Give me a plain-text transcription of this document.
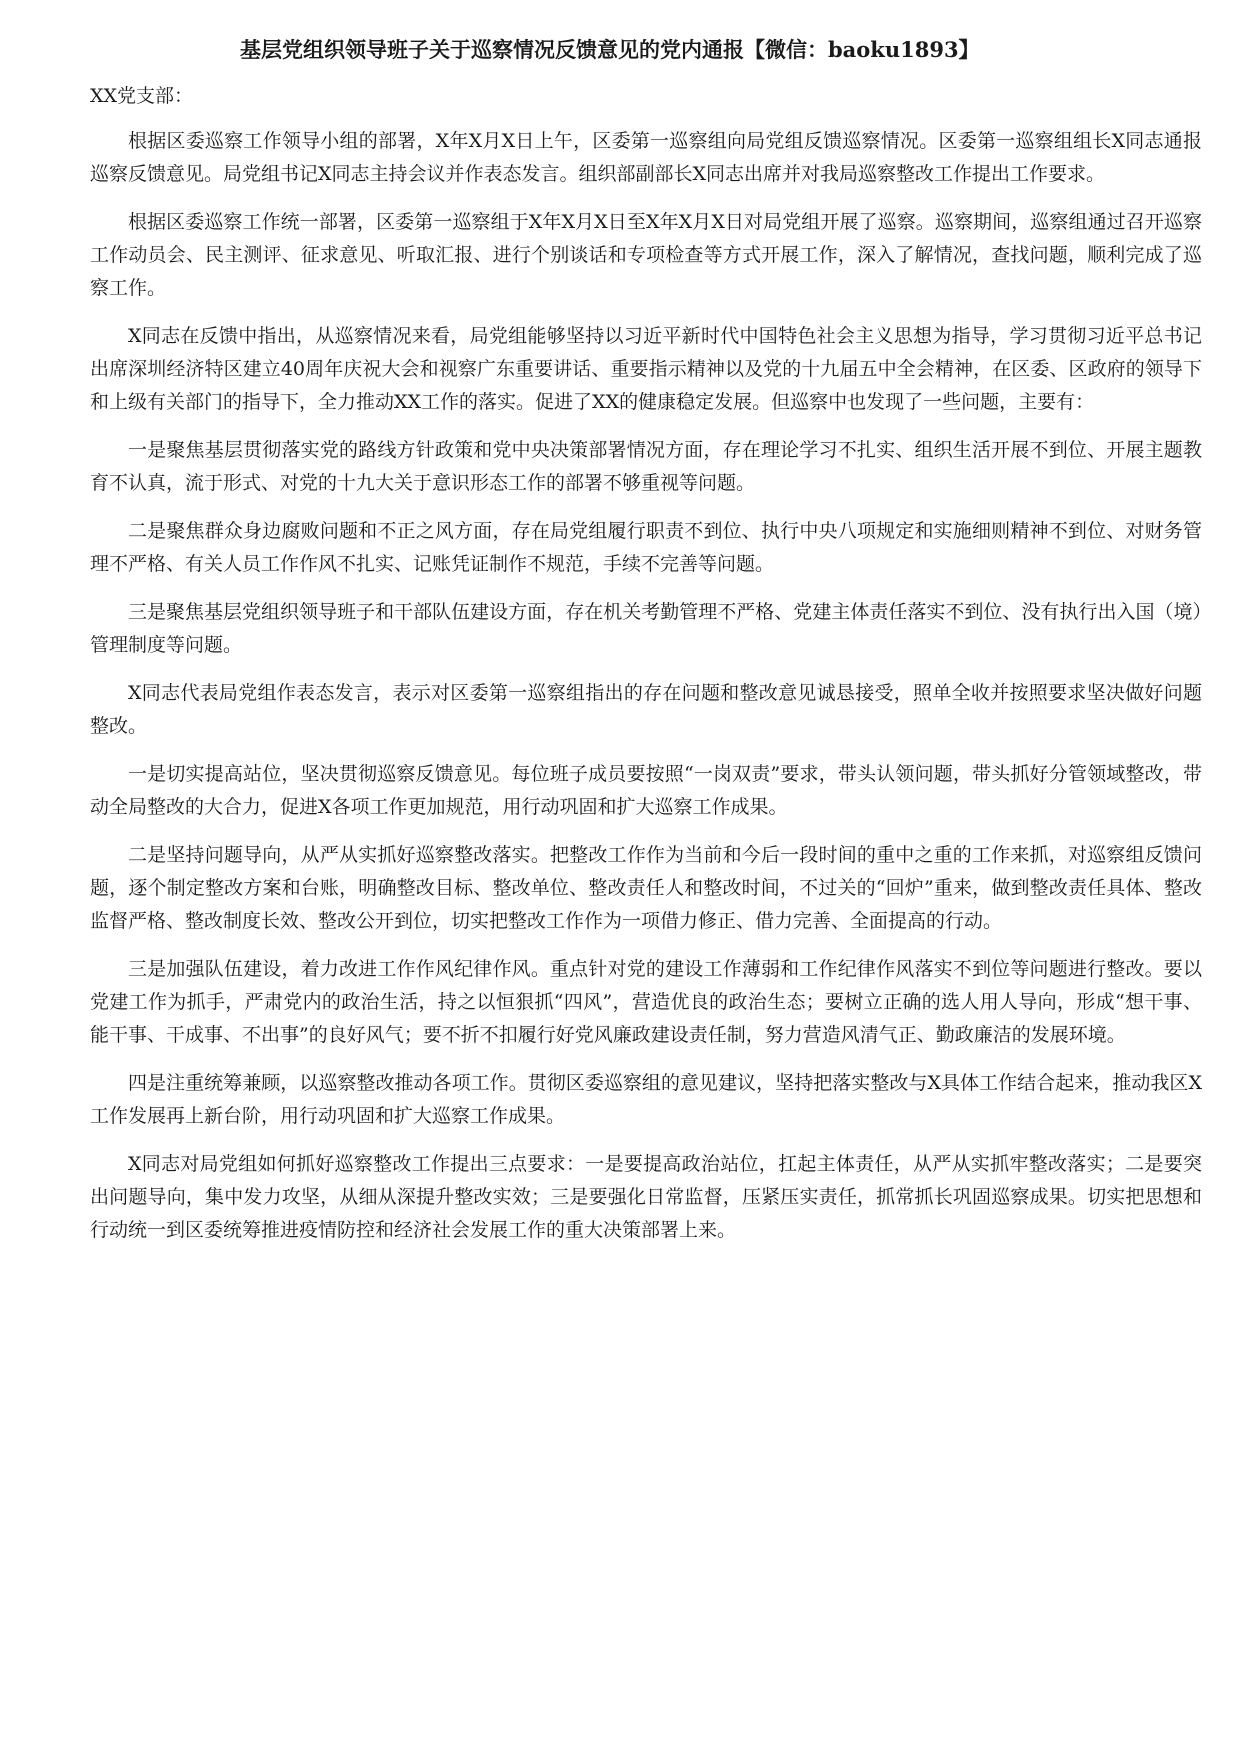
基层党组织领导班子关于巡察情况反馈意见的党内通报【微信：baoku1893】

XX党支部：

根据区委巡察工作领导小组的部署，X年X月X日上午，区委第一巡察组向局党组反馈巡察情况。区委第一巡察组组长X同志通报巡察反馈意见。局党组书记X同志主持会议并作表态发言。组织部副部长X同志出席并对我局巡察整改工作提出工作要求。

根据区委巡察工作统一部署，区委第一巡察组于X年X月X日至X年X月X日对局党组开展了巡察。巡察期间，巡察组通过召开巡察工作动员会、民主测评、征求意见、听取汇报、进行个别谈话和专项检查等方式开展工作，深入了解情况，查找问题，顺利完成了巡察工作。

X同志在反馈中指出，从巡察情况来看，局党组能够坚持以习近平新时代中国特色社会主义思想为指导，学习贯彻习近平总书记出席深圳经济特区建立40周年庆祝大会和视察广东重要讲话、重要指示精神以及党的十九届五中全会精神，在区委、区政府的领导下和上级有关部门的指导下，全力推动XX工作的落实。促进了XX的健康稳定发展。但巡察中也发现了一些问题，主要有：

一是聚焦基层贯彻落实党的路线方针政策和党中央决策部署情况方面，存在理论学习不扎实、组织生活开展不到位、开展主题教育不认真，流于形式、对党的十九大关于意识形态工作的部署不够重视等问题。

二是聚焦群众身边腐败问题和不正之风方面，存在局党组履行职责不到位、执行中央八项规定和实施细则精神不到位、对财务管理不严格、有关人员工作作风不扎实、记账凭证制作不规范，手续不完善等问题。

三是聚焦基层党组织领导班子和干部队伍建设方面，存在机关考勤管理不严格、党建主体责任落实不到位、没有执行出入国（境）管理制度等问题。

X同志代表局党组作表态发言，表示对区委第一巡察组指出的存在问题和整改意见诚恳接受，照单全收并按照要求坚决做好问题整改。

一是切实提高站位，坚决贯彻巡察反馈意见。每位班子成员要按照“一岗双责”要求，带头认领问题，带头抓好分管领域整改，带动全局整改的大合力，促进X各项工作更加规范，用行动巩固和扩大巡察工作成果。

二是坚持问题导向，从严从实抓好巡察整改落实。把整改工作作为当前和今后一段时间的重中之重的工作来抓，对巡察组反馈问题，逐个制定整改方案和台账，明确整改目标、整改单位、整改责任人和整改时间，不过关的“回炉”重来，做到整改责任具体、整改监督严格、整改制度长效、整改公开到位，切实把整改工作作为一项借力修正、借力完善、全面提高的行动。

三是加强队伍建设，着力改进工作作风纪律作风。重点针对党的建设工作薄弱和工作纪律作风落实不到位等问题进行整改。要以党建工作为抓手，严肃党内的政治生活，持之以恒狠抓“四风”，营造优良的政治生态；要树立正确的选人用人导向，形成“想干事、能干事、干成事、不出事”的良好风气；要不折不扣履行好党风廉政建设责任制，努力营造风清气正、勤政廉洁的发展环境。

四是注重统筹兼顾，以巡察整改推动各项工作。贯彻区委巡察组的意见建议，坚持把落实整改与X具体工作结合起来，推动我区X工作发展再上新台阶，用行动巩固和扩大巡察工作成果。

X同志对局党组如何抓好巡察整改工作提出三点要求：一是要提高政治站位，扛起主体责任，从严从实抓牢整改落实；二是要突出问题导向，集中发力攻坚，从细从深提升整改实效；三是要强化日常监督，压紧压实责任，抓常抓长巩固巡察成果。切实把思想和行动统一到区委统筹推进疫情防控和经济社会发展工作的重大决策部署上来。
